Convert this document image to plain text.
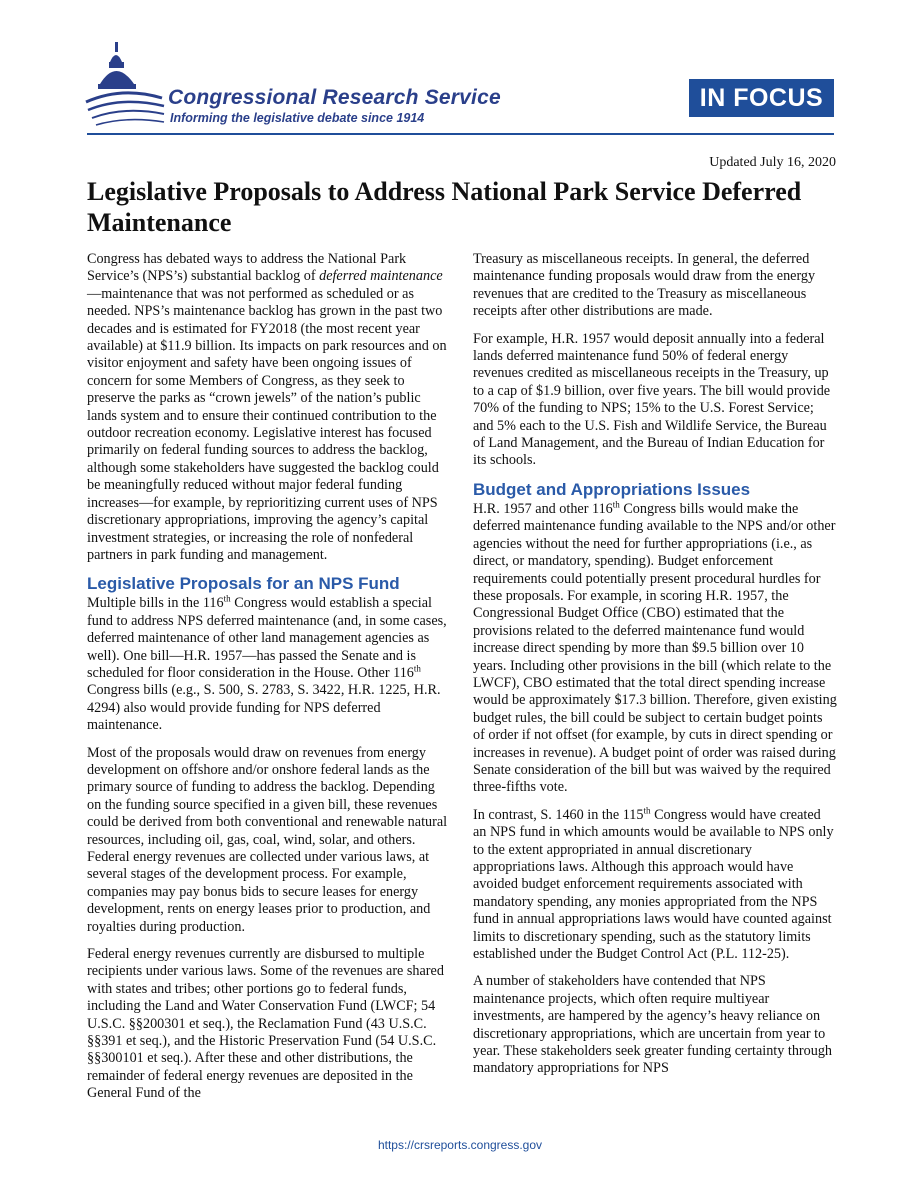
Congressional Research Service
Informing the legislative debate since 1914
IN FOCUS
Updated July 16, 2020
Legislative Proposals to Address National Park Service Deferred Maintenance

Congress has debated ways to address the National Park Service’s (NPS’s) substantial backlog of deferred maintenance—maintenance that was not performed as scheduled or as needed. NPS’s maintenance backlog has grown in the past two decades and is estimated for FY2018 (the most recent year available) at $11.9 billion. Its impacts on park resources and on visitor enjoyment and safety have been ongoing issues of concern for some Members of Congress, as they seek to preserve the parks as “crown jewels” of the nation’s public lands system and to ensure their continued contribution to the outdoor recreation economy. Legislative interest has focused primarily on federal funding sources to address the backlog, although some stakeholders have suggested the backlog could be meaningfully reduced without major federal funding increases—for example, by reprioritizing current uses of NPS discretionary appropriations, improving the agency’s capital investment strategies, or increasing the role of nonfederal partners in park funding and management.

Legislative Proposals for an NPS Fund

Multiple bills in the 116th Congress would establish a special fund to address NPS deferred maintenance (and, in some cases, deferred maintenance of other land management agencies as well). One bill—H.R. 1957—has passed the Senate and is scheduled for floor consideration in the House. Other 116th Congress bills (e.g., S. 500, S. 2783, S. 3422, H.R. 1225, H.R. 4294) also would provide funding for NPS deferred maintenance.

Most of the proposals would draw on revenues from energy development on offshore and/or onshore federal lands as the primary source of funding to address the backlog. Depending on the funding source specified in a given bill, these revenues could be derived from both conventional and renewable natural resources, including oil, gas, coal, wind, solar, and others. Federal energy revenues are collected under various laws, at several stages of the development process. For example, companies may pay bonus bids to secure leases for energy development, rents on energy leases prior to production, and royalties during production.

Federal energy revenues currently are disbursed to multiple recipients under various laws. Some of the revenues are shared with states and tribes; other portions go to federal funds, including the Land and Water Conservation Fund (LWCF; 54 U.S.C. §§200301 et seq.), the Reclamation Fund (43 U.S.C. §§391 et seq.), and the Historic Preservation Fund (54 U.S.C. §§300101 et seq.). After these and other distributions, the remainder of federal energy revenues are deposited in the General Fund of the

Treasury as miscellaneous receipts. In general, the deferred maintenance funding proposals would draw from the energy revenues that are credited to the Treasury as miscellaneous receipts after other distributions are made.

For example, H.R. 1957 would deposit annually into a federal lands deferred maintenance fund 50% of federal energy revenues credited as miscellaneous receipts in the Treasury, up to a cap of $1.9 billion, over five years. The bill would provide 70% of the funding to NPS; 15% to the U.S. Forest Service; and 5% each to the U.S. Fish and Wildlife Service, the Bureau of Land Management, and the Bureau of Indian Education for its schools.

Budget and Appropriations Issues

H.R. 1957 and other 116th Congress bills would make the deferred maintenance funding available to the NPS and/or other agencies without the need for further appropriations (i.e., as direct, or mandatory, spending). Budget enforcement requirements could potentially present procedural hurdles for these proposals. For example, in scoring H.R. 1957, the Congressional Budget Office (CBO) estimated that the provisions related to the deferred maintenance fund would increase direct spending by more than $9.5 billion over 10 years. Including other provisions in the bill (which relate to the LWCF), CBO estimated that the total direct spending increase would be approximately $17.3 billion. Therefore, given existing budget rules, the bill could be subject to certain budget points of order if not offset (for example, by cuts in direct spending or increases in revenue). A budget point of order was raised during Senate consideration of the bill but was waived by the required three-fifths vote.

In contrast, S. 1460 in the 115th Congress would have created an NPS fund in which amounts would be available to NPS only to the extent appropriated in annual discretionary appropriations laws. Although this approach would have avoided budget enforcement requirements associated with mandatory spending, any monies appropriated from the NPS fund in annual appropriations laws would have counted against limits to discretionary spending, such as the statutory limits established under the Budget Control Act (P.L. 112-25).

A number of stakeholders have contended that NPS maintenance projects, which often require multiyear investments, are hampered by the agency’s heavy reliance on discretionary appropriations, which are uncertain from year to year. These stakeholders seek greater funding certainty through mandatory appropriations for NPS

https://crsreports.congress.gov
